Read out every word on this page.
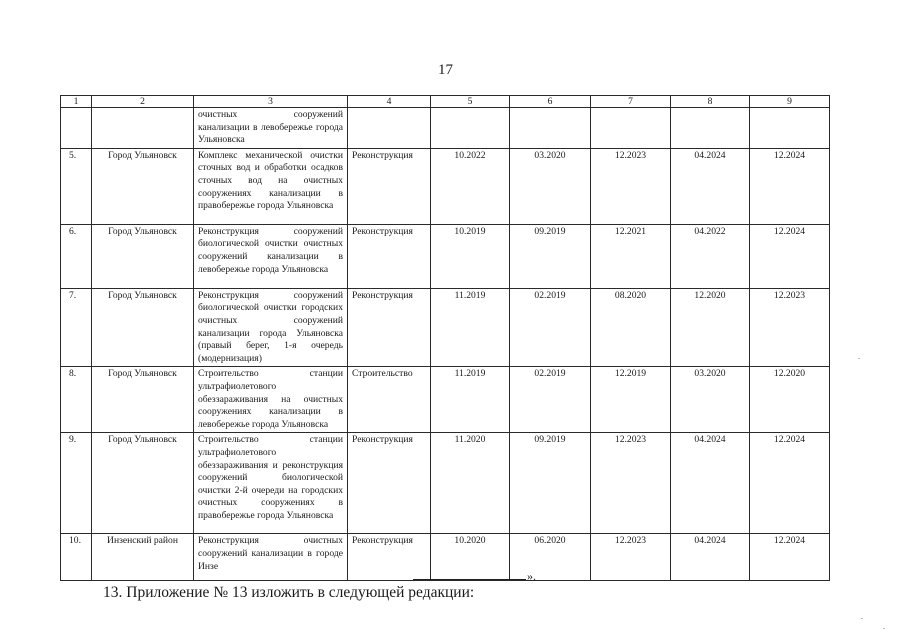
17
1	2	3	4	5	6	7	8	9
		очистных сооружений канализации в левобережье города Ульяновска						
5.	Город Ульяновск	Комплекс механической очистки сточных вод и обработки осадков сточных вод на очистных сооружениях канализации в правобережье города Ульяновска	Реконструкция	10.2022	03.2020	12.2023	04.2024	12.2024
6.	Город Ульяновск	Реконструкция сооружений биологической очистки очистных сооружений канализации в левобережье города Ульяновска	Реконструкция	10.2019	09.2019	12.2021	04.2022	12.2024
7.	Город Ульяновск	Реконструкция сооружений биологической очистки городских очистных сооружений канализации города Ульяновска (правый берег, 1-я очередь (модернизация)	Реконструкция	11.2019	02.2019	08.2020	12.2020	12.2023
8.	Город Ульяновск	Строительство станции ультрафиолетового обеззараживания на очистных сооружениях канализации в левобережье города Ульяновска	Строительство	11.2019	02.2019	12.2019	03.2020	12.2020
9.	Город Ульяновск	Строительство станции ультрафиолетового обеззараживания и реконструкция сооружений биологической очистки 2-й очереди на городских очистных сооружениях в правобережье города Ульяновска	Реконструкция	11.2020	09.2019	12.2023	04.2024	12.2024
10.	Инзенский район	Реконструкция очистных сооружений канализации в городе Инзе	Реконструкция	10.2020	06.2020	12.2023	04.2024	12.2024
».
13. Приложение № 13 изложить в следующей редакции:
